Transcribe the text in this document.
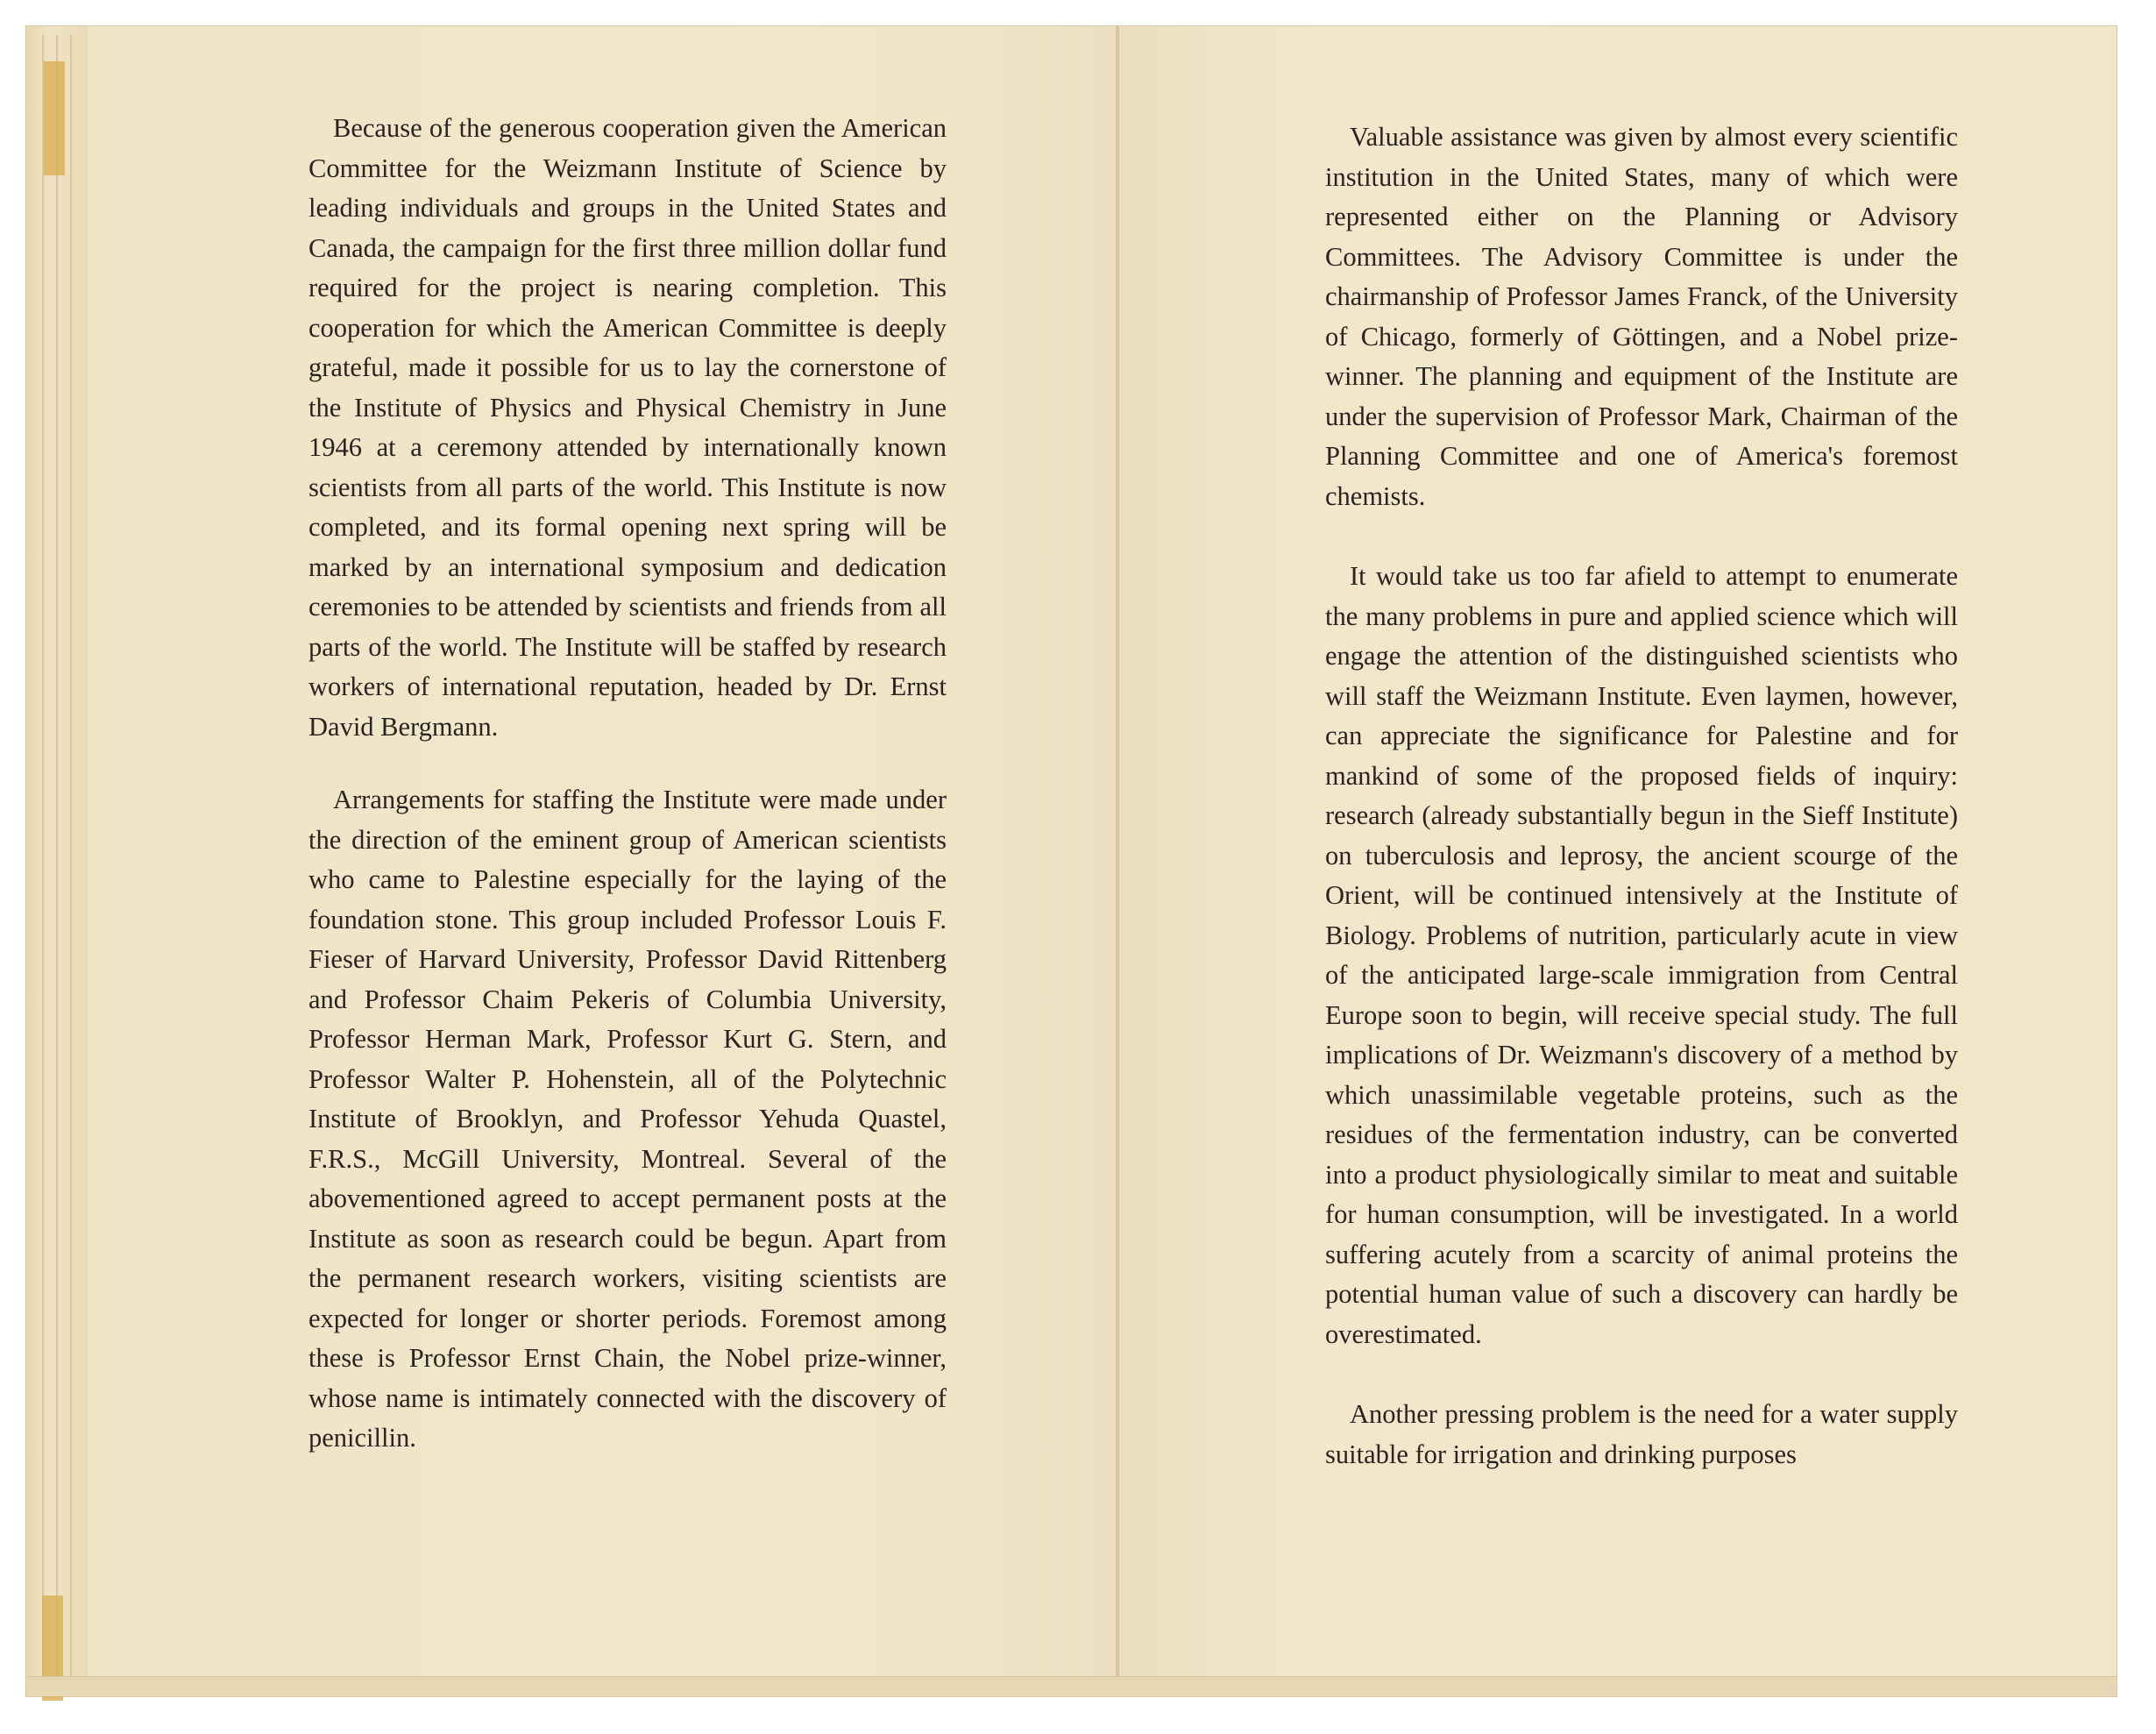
Because of the generous cooperation given the American Committee for the Weizmann Institute of Science by leading individuals and groups in the United States and Canada, the campaign for the first three million dollar fund required for the project is nearing completion. This cooperation for which the American Committee is deeply grateful, made it possible for us to lay the cornerstone of the Institute of Physics and Physical Chemistry in June 1946 at a ceremony attended by internationally known scientists from all parts of the world. This Institute is now completed, and its formal opening next spring will be marked by an international symposium and dedication ceremonies to be attended by scientists and friends from all parts of the world. The Institute will be staffed by research workers of international reputation, headed by Dr. Ernst David Bergmann.

Arrangements for staffing the Institute were made under the direction of the eminent group of American scientists who came to Palestine especially for the laying of the foundation stone. This group included Professor Louis F. Fieser of Harvard University, Professor David Rittenberg and Professor Chaim Pekeris of Columbia University, Professor Herman Mark, Professor Kurt G. Stern, and Professor Walter P. Hohenstein, all of the Polytechnic Institute of Brooklyn, and Professor Yehuda Quastel, F.R.S., McGill University, Montreal. Several of the abovementioned agreed to accept permanent posts at the Institute as soon as research could be begun. Apart from the permanent research workers, visiting scientists are expected for longer or shorter periods. Foremost among these is Professor Ernst Chain, the Nobel prize-winner, whose name is intimately connected with the discovery of penicillin.

Valuable assistance was given by almost every scientific institution in the United States, many of which were represented either on the Planning or Advisory Committees. The Advisory Committee is under the chairmanship of Professor James Franck, of the University of Chicago, formerly of Göttingen, and a Nobel prize-winner. The planning and equipment of the Institute are under the supervision of Professor Mark, Chairman of the Planning Committee and one of America's foremost chemists.

It would take us too far afield to attempt to enumerate the many problems in pure and applied science which will engage the attention of the distinguished scientists who will staff the Weizmann Institute. Even laymen, however, can appreciate the significance for Palestine and for mankind of some of the proposed fields of inquiry: research (already substantially begun in the Sieff Institute) on tuberculosis and leprosy, the ancient scourge of the Orient, will be continued intensively at the Institute of Biology. Problems of nutrition, particularly acute in view of the anticipated large-scale immigration from Central Europe soon to begin, will receive special study. The full implications of Dr. Weizmann's discovery of a method by which unassimilable vegetable proteins, such as the residues of the fermentation industry, can be converted into a product physiologically similar to meat and suitable for human consumption, will be investigated. In a world suffering acutely from a scarcity of animal proteins the potential human value of such a discovery can hardly be overestimated.

Another pressing problem is the need for a water supply suitable for irrigation and drinking purposes
